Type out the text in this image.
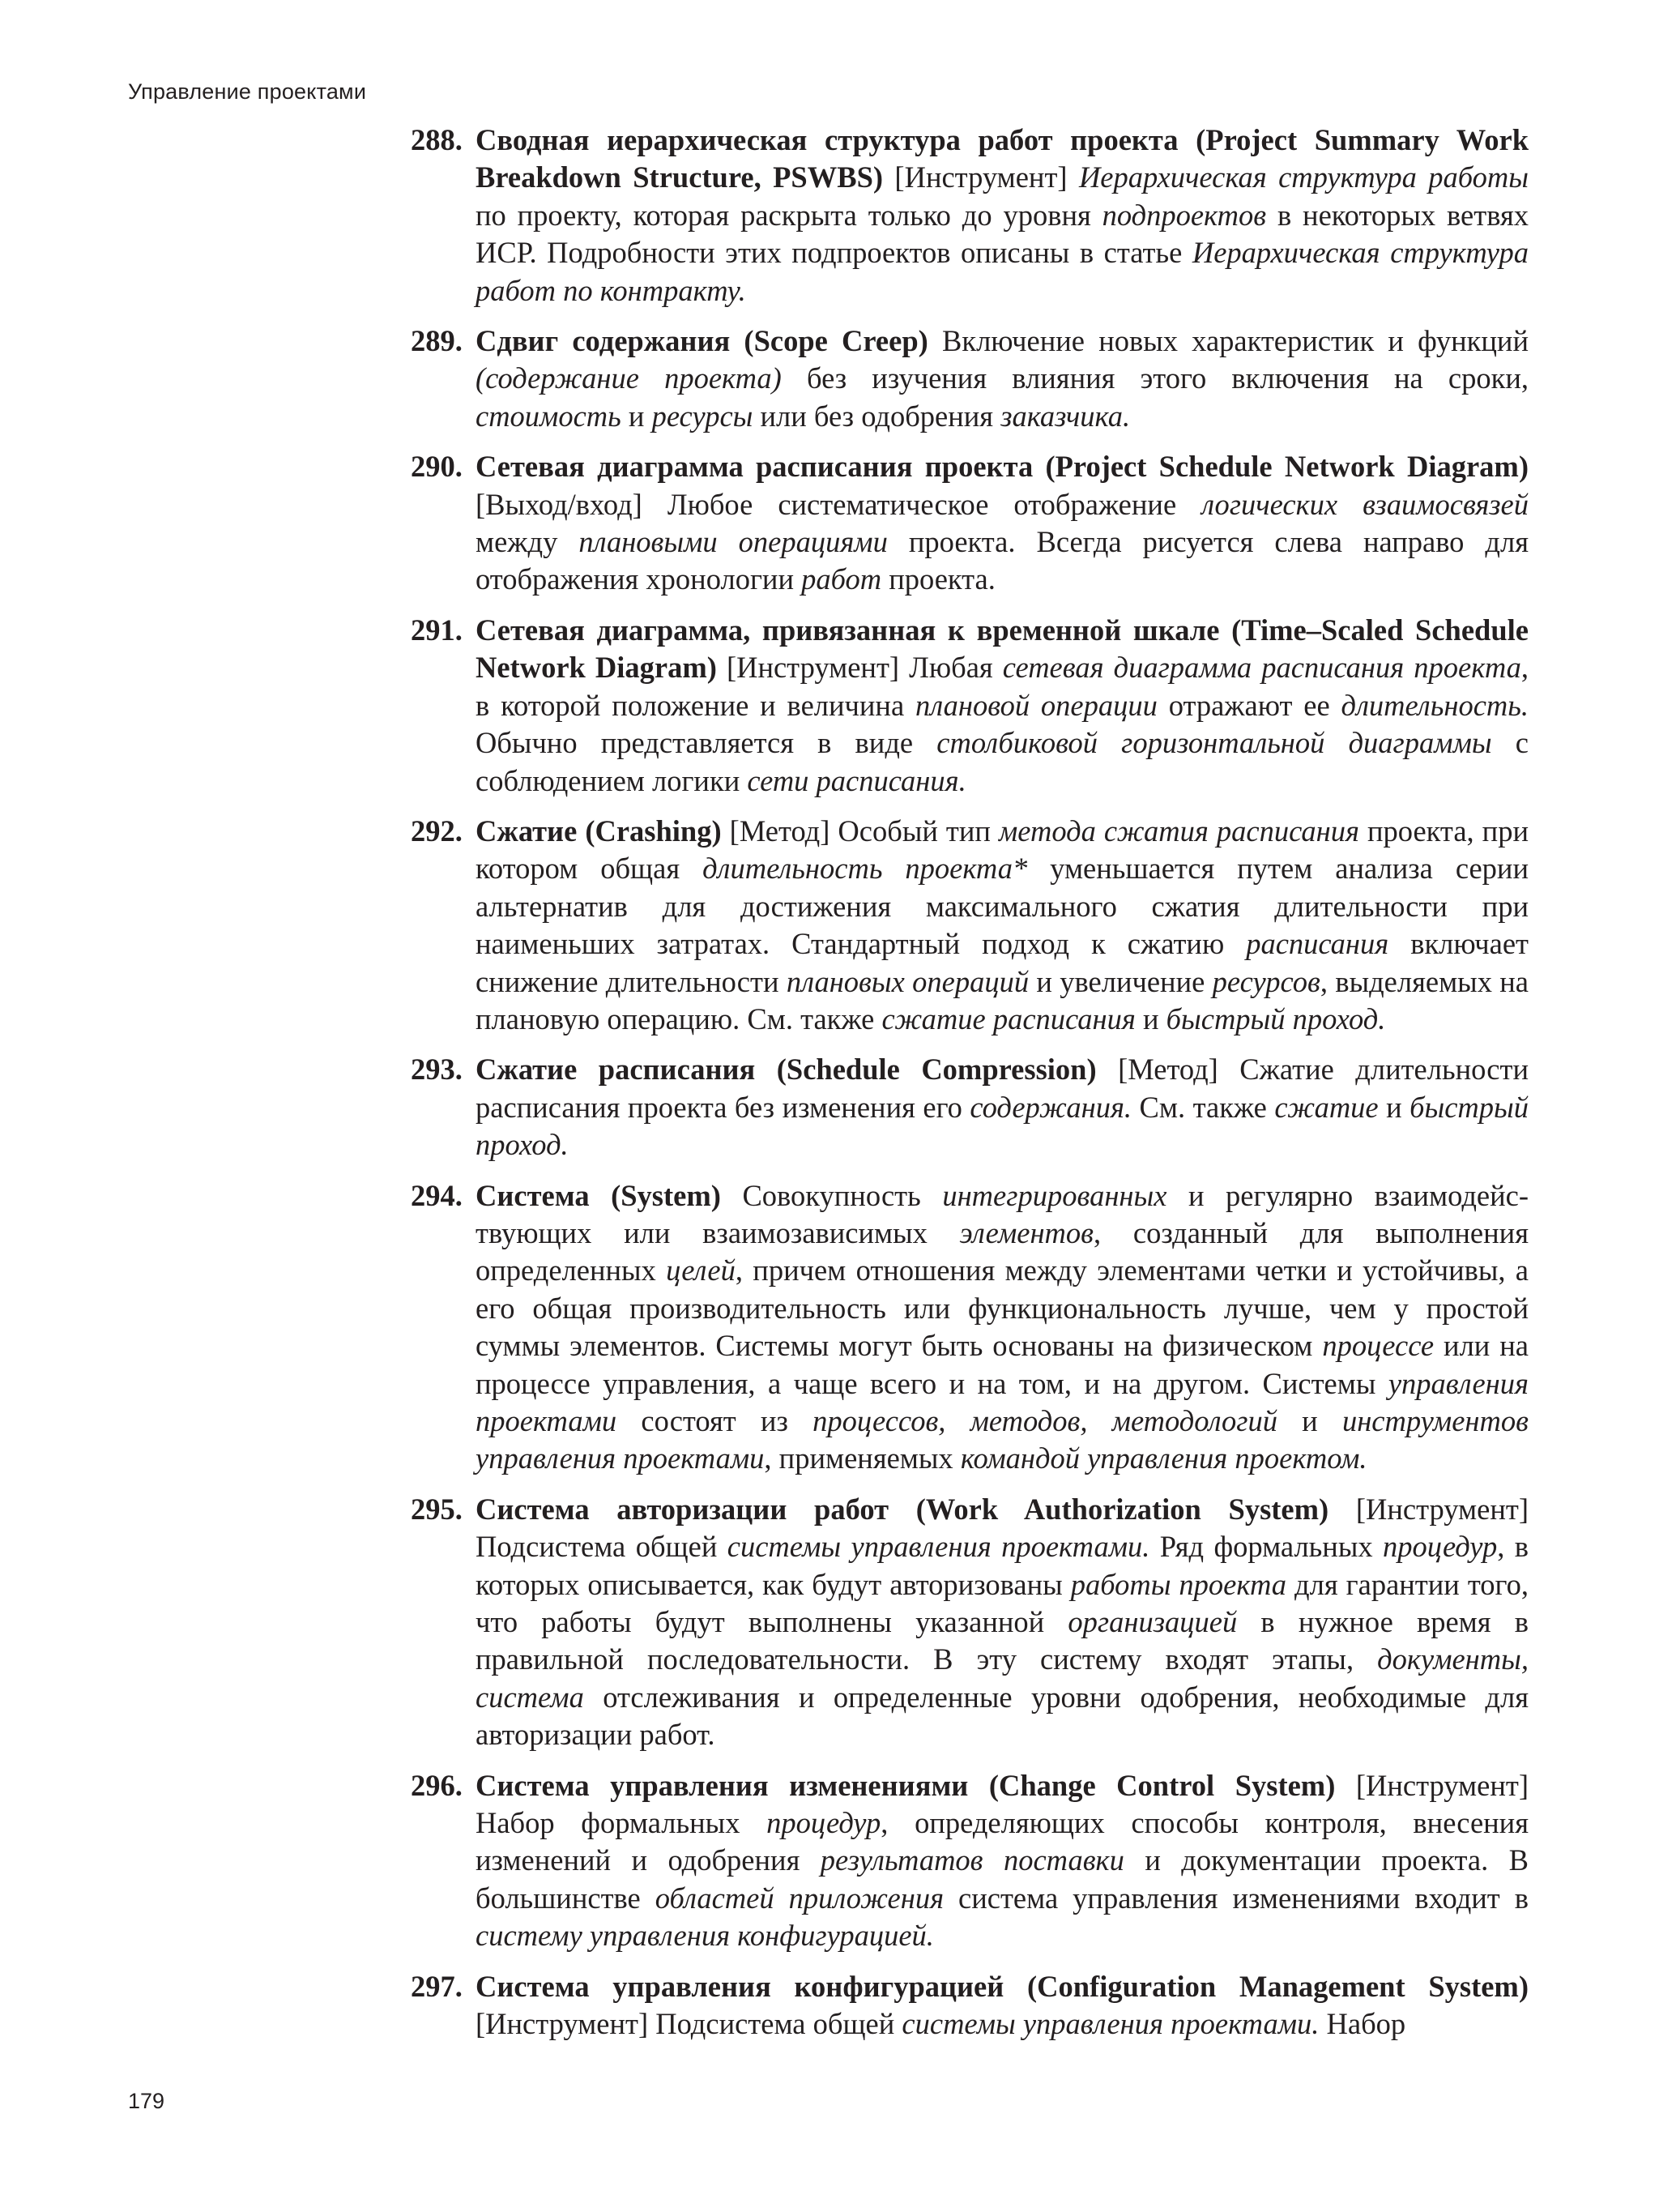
Управление проектами
288. Сводная иерархическая структура работ проекта (Project Summary Work Breakdown Structure, PSWBS) [Инструмент] Иерархическая структура работы по проекту, которая раскрыта только до уровня подпроектов в некоторых ветвях ИСР. Подробности этих подпроектов описаны в статье Иерархическая структура работ по контракту.
289. Сдвиг содержания (Scope Creep) Включение новых характеристик и функций (содержание проекта) без изучения влияния этого включения на сроки, стоимость и ресурсы или без одобрения заказчика.
290. Сетевая диаграмма расписания проекта (Project Schedule Network Diagram) [Выход/вход] Любое систематическое отображение логических взаимосвязей между плановыми операциями проекта. Всегда рисуется слева направо для отображения хронологии работ проекта.
291. Сетевая диаграмма, привязанная к временной шкале (Time–Scaled Schedule Network Diagram) [Инструмент] Любая сетевая диаграмма расписания проекта, в которой положение и величина плановой операции отражают ее длительность. Обычно представляется в виде столбиковой горизонтальной диаграммы с соблюдением логики сети расписания.
292. Сжатие (Crashing) [Метод] Особый тип метода сжатия расписания проекта, при котором общая длительность проекта* уменьшается путем анализа серии альтернатив для достижения максимального сжатия длительности при наименьших затратах. Стандартный подход к сжатию расписания включает снижение длительности плановых операций и увеличение ресурсов, выделяемых на плановую операцию. См. также сжатие расписания и быстрый проход.
293. Сжатие расписания (Schedule Compression) [Метод] Сжатие длительности расписания проекта без изменения его содержания. См. также сжатие и быстрый проход.
294. Система (System) Совокупность интегрированных и регулярно взаимодействующих или взаимозависимых элементов, созданный для выполнения определенных целей, причем отношения между элементами четки и устойчивы, а его общая производительность или функциональность лучше, чем у простой суммы элементов. Системы могут быть основаны на физическом процессе или на процессе управления, а чаще всего и на том, и на другом. Системы управления проектами состоят из процессов, методов, методологий и инструментов управления проектами, применяемых командой управления проектом.
295. Система авторизации работ (Work Authorization System) [Инструмент] Подсистема общей системы управления проектами. Ряд формальных процедур, в которых описывается, как будут авторизованы работы проекта для гарантии того, что работы будут выполнены указанной организацией в нужное время в правильной последовательности. В эту систему входят этапы, документы, система отслеживания и определенные уровни одобрения, необходимые для авторизации работ.
296. Система управления изменениями (Change Control System) [Инструмент] Набор формальных процедур, определяющих способы контроля, внесения изменений и одобрения результатов поставки и документации проекта. В большинстве областей приложения система управления изменениями входит в систему управления конфигурацией.
297. Система управления конфигурацией (Configuration Management System) [Инструмент] Подсистема общей системы управления проектами. Набор
179
